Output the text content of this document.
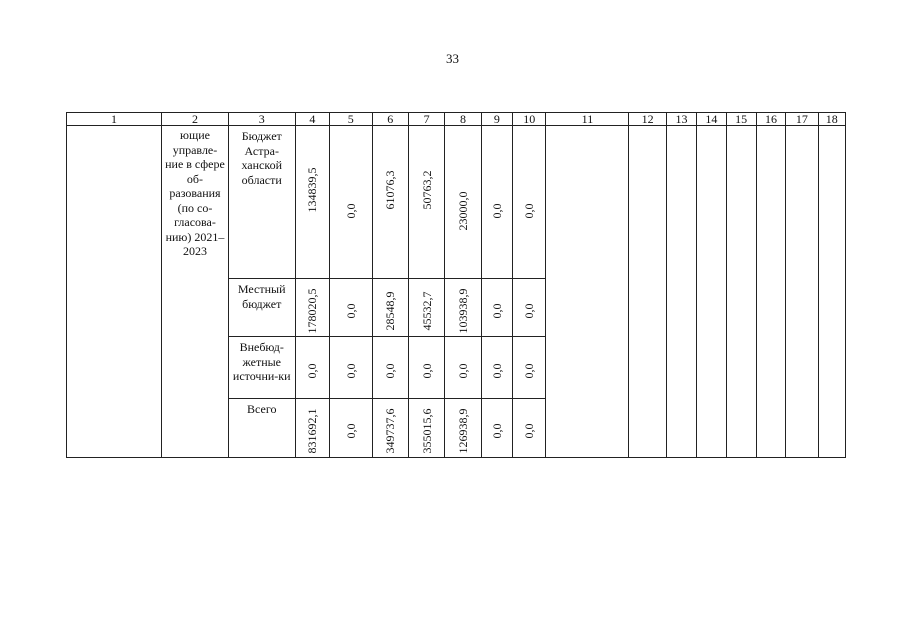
33
1	2	3	4	5	6	7	8	9	10	11	12	13	14	15	16	17	18

	ющие управле-ние в сфере об-разования (по со-гласова-нию) 2021–2023	Бюджет Астра-ханской области	134839,5	0,0	61076,3	50763,2	23000,0	0,0	0,0								

		Местный бюджет	178020,5	0,0	28548,9	45532,7	103938,9	0,0	0,0								

		Внебюд-жетные источни-ки	0,0	0,0	0,0	0,0	0,0	0,0	0,0								

		Всего	831692,1	0,0	349737,6	355015,6	126938,9	0,0	0,0								
